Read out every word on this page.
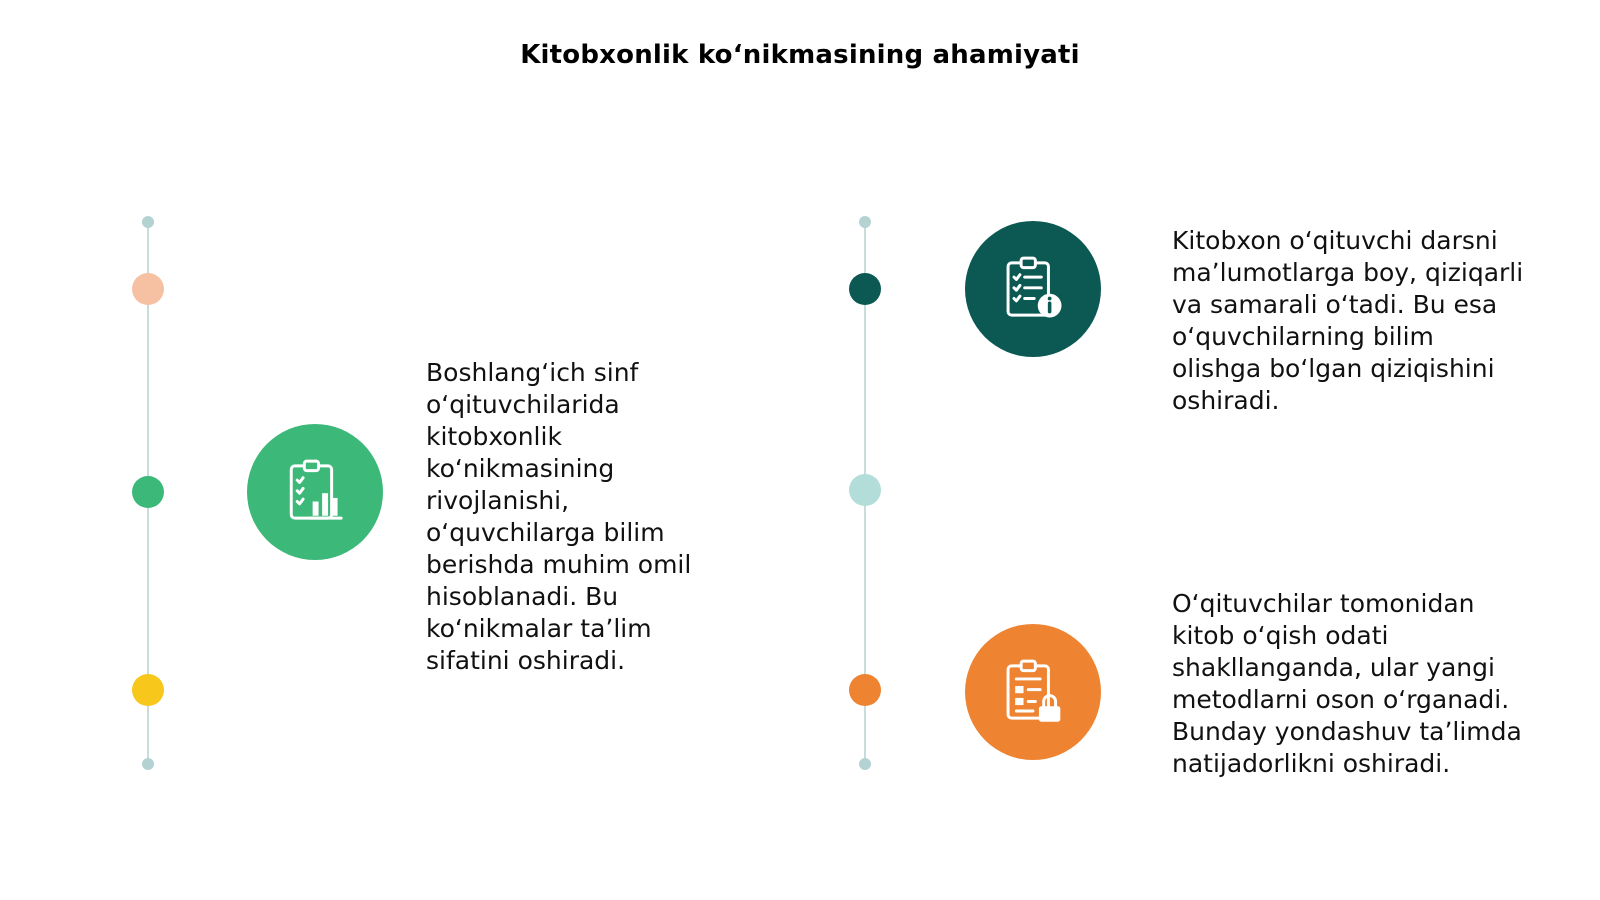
Kitobxonlik koʻnikmasining ahamiyati
Boshlangʻich sinf
oʻqituvchilarida
kitobxonlik
koʻnikmasining
rivojlanishi,
oʻquvchilarga bilim
berishda muhim omil
hisoblanadi. Bu
koʻnikmalar taʼlim
sifatini oshiradi.
Kitobxon oʻqituvchi darsni
maʼlumotlarga boy, qiziqarli
va samarali oʻtadi. Bu esa
oʻquvchilarning bilim
olishga boʻlgan qiziqishini
oshiradi.
Oʻqituvchilar tomonidan
kitob oʻqish odati
shakllanganda, ular yangi
metodlarni oson oʻrganadi.
Bunday yondashuv taʼlimda
natijadorlikni oshiradi.
